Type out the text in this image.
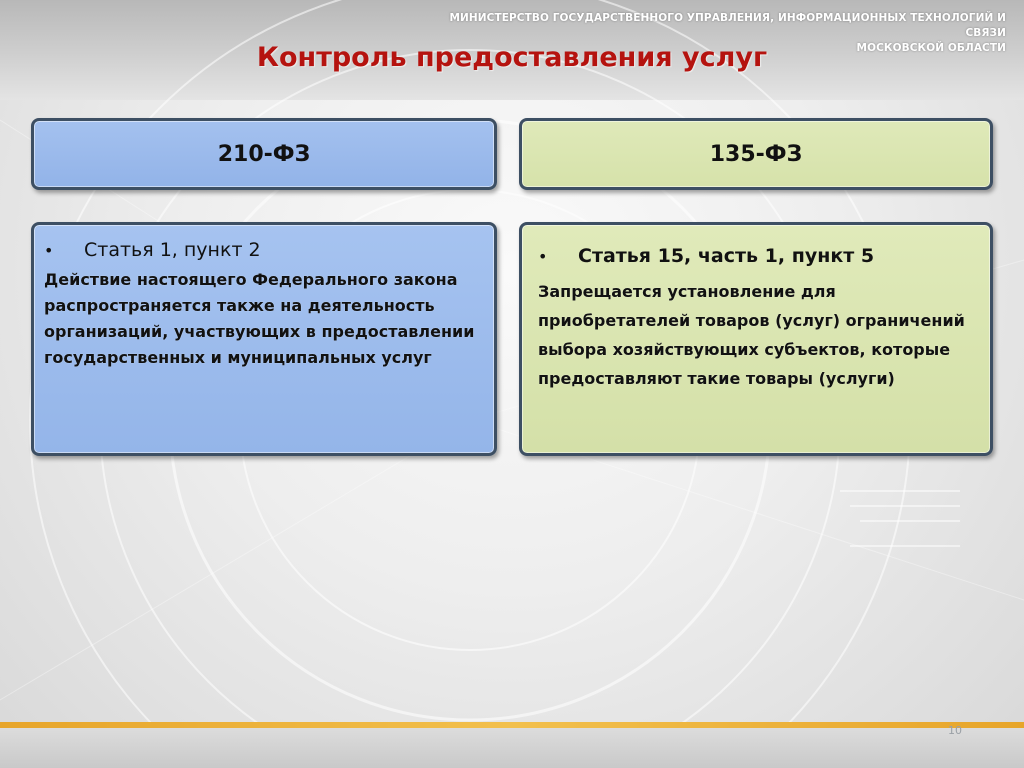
МИНИСТЕРСТВО ГОСУДАРСТВЕННОГО УПРАВЛЕНИЯ, ИНФОРМАЦИОННЫХ ТЕХНОЛОГИЙ И СВЯЗИ
МОСКОВСКОЙ ОБЛАСТИ
Контроль предоставления услуг
210-ФЗ	135-ФЗ
•	Статья 1, пункт 2
Действие настоящего Федерального закона распространяется также на деятельность организаций, участвующих в предоставлении государственных и муниципальных услуг
•	Статья 15, часть 1, пункт 5
Запрещается установление для приобретателей товаров (услуг) ограничений выбора хозяйствующих субъектов, которые предоставляют такие товары (услуги)
10
